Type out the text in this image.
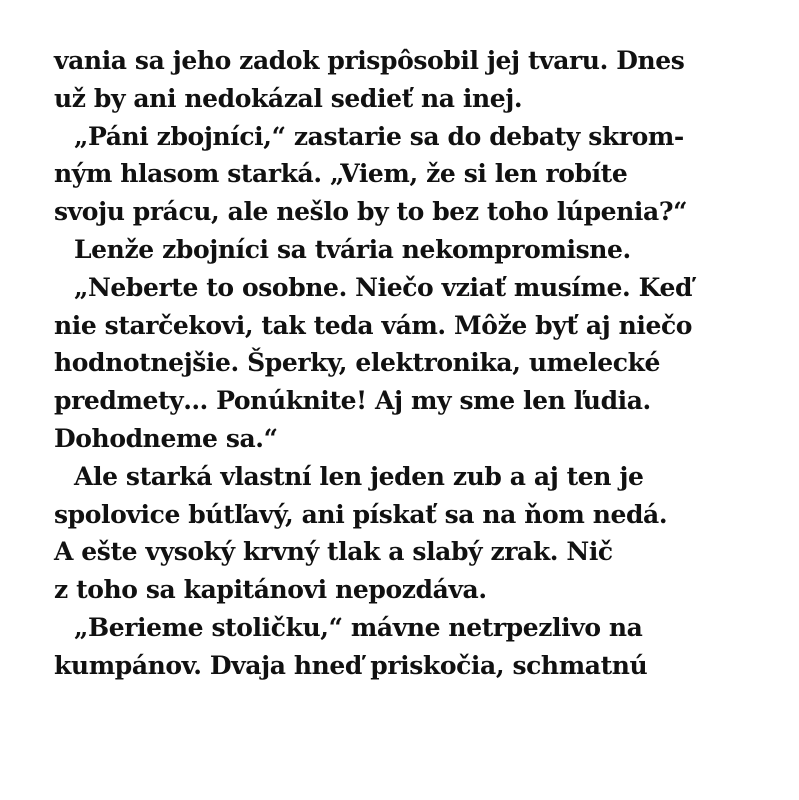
vania sa jeho zadok prispôsobil jej tvaru. Dnes
už by ani nedokázal sedieť na inej.
„Páni zbojníci,“ zastarie sa do debaty skrom-
ným hlasom starká. „Viem, že si len robíte
svoju prácu, ale nešlo by to bez toho lúpenia?“
Lenže zbojníci sa tvária nekompromisne.
„Neberte to osobne. Niečo vziať musíme. Keď
nie starčekovi, tak teda vám. Môže byť aj niečo
hodnotnejšie. Šperky, elektronika, umelecké
predmety… Ponúknite! Aj my sme len ľudia.
Dohodneme sa.“
Ale starká vlastní len jeden zub a aj ten je
spolovice bútľavý, ani pískať sa na ňom nedá.
A ešte vysoký krvný tlak a slabý zrak. Nič
z toho sa kapitánovi nepozdáva.
„Berieme stoličku,“ mávne netrpezlivo na
kumpánov. Dvaja hneď priskočia, schmatnú
